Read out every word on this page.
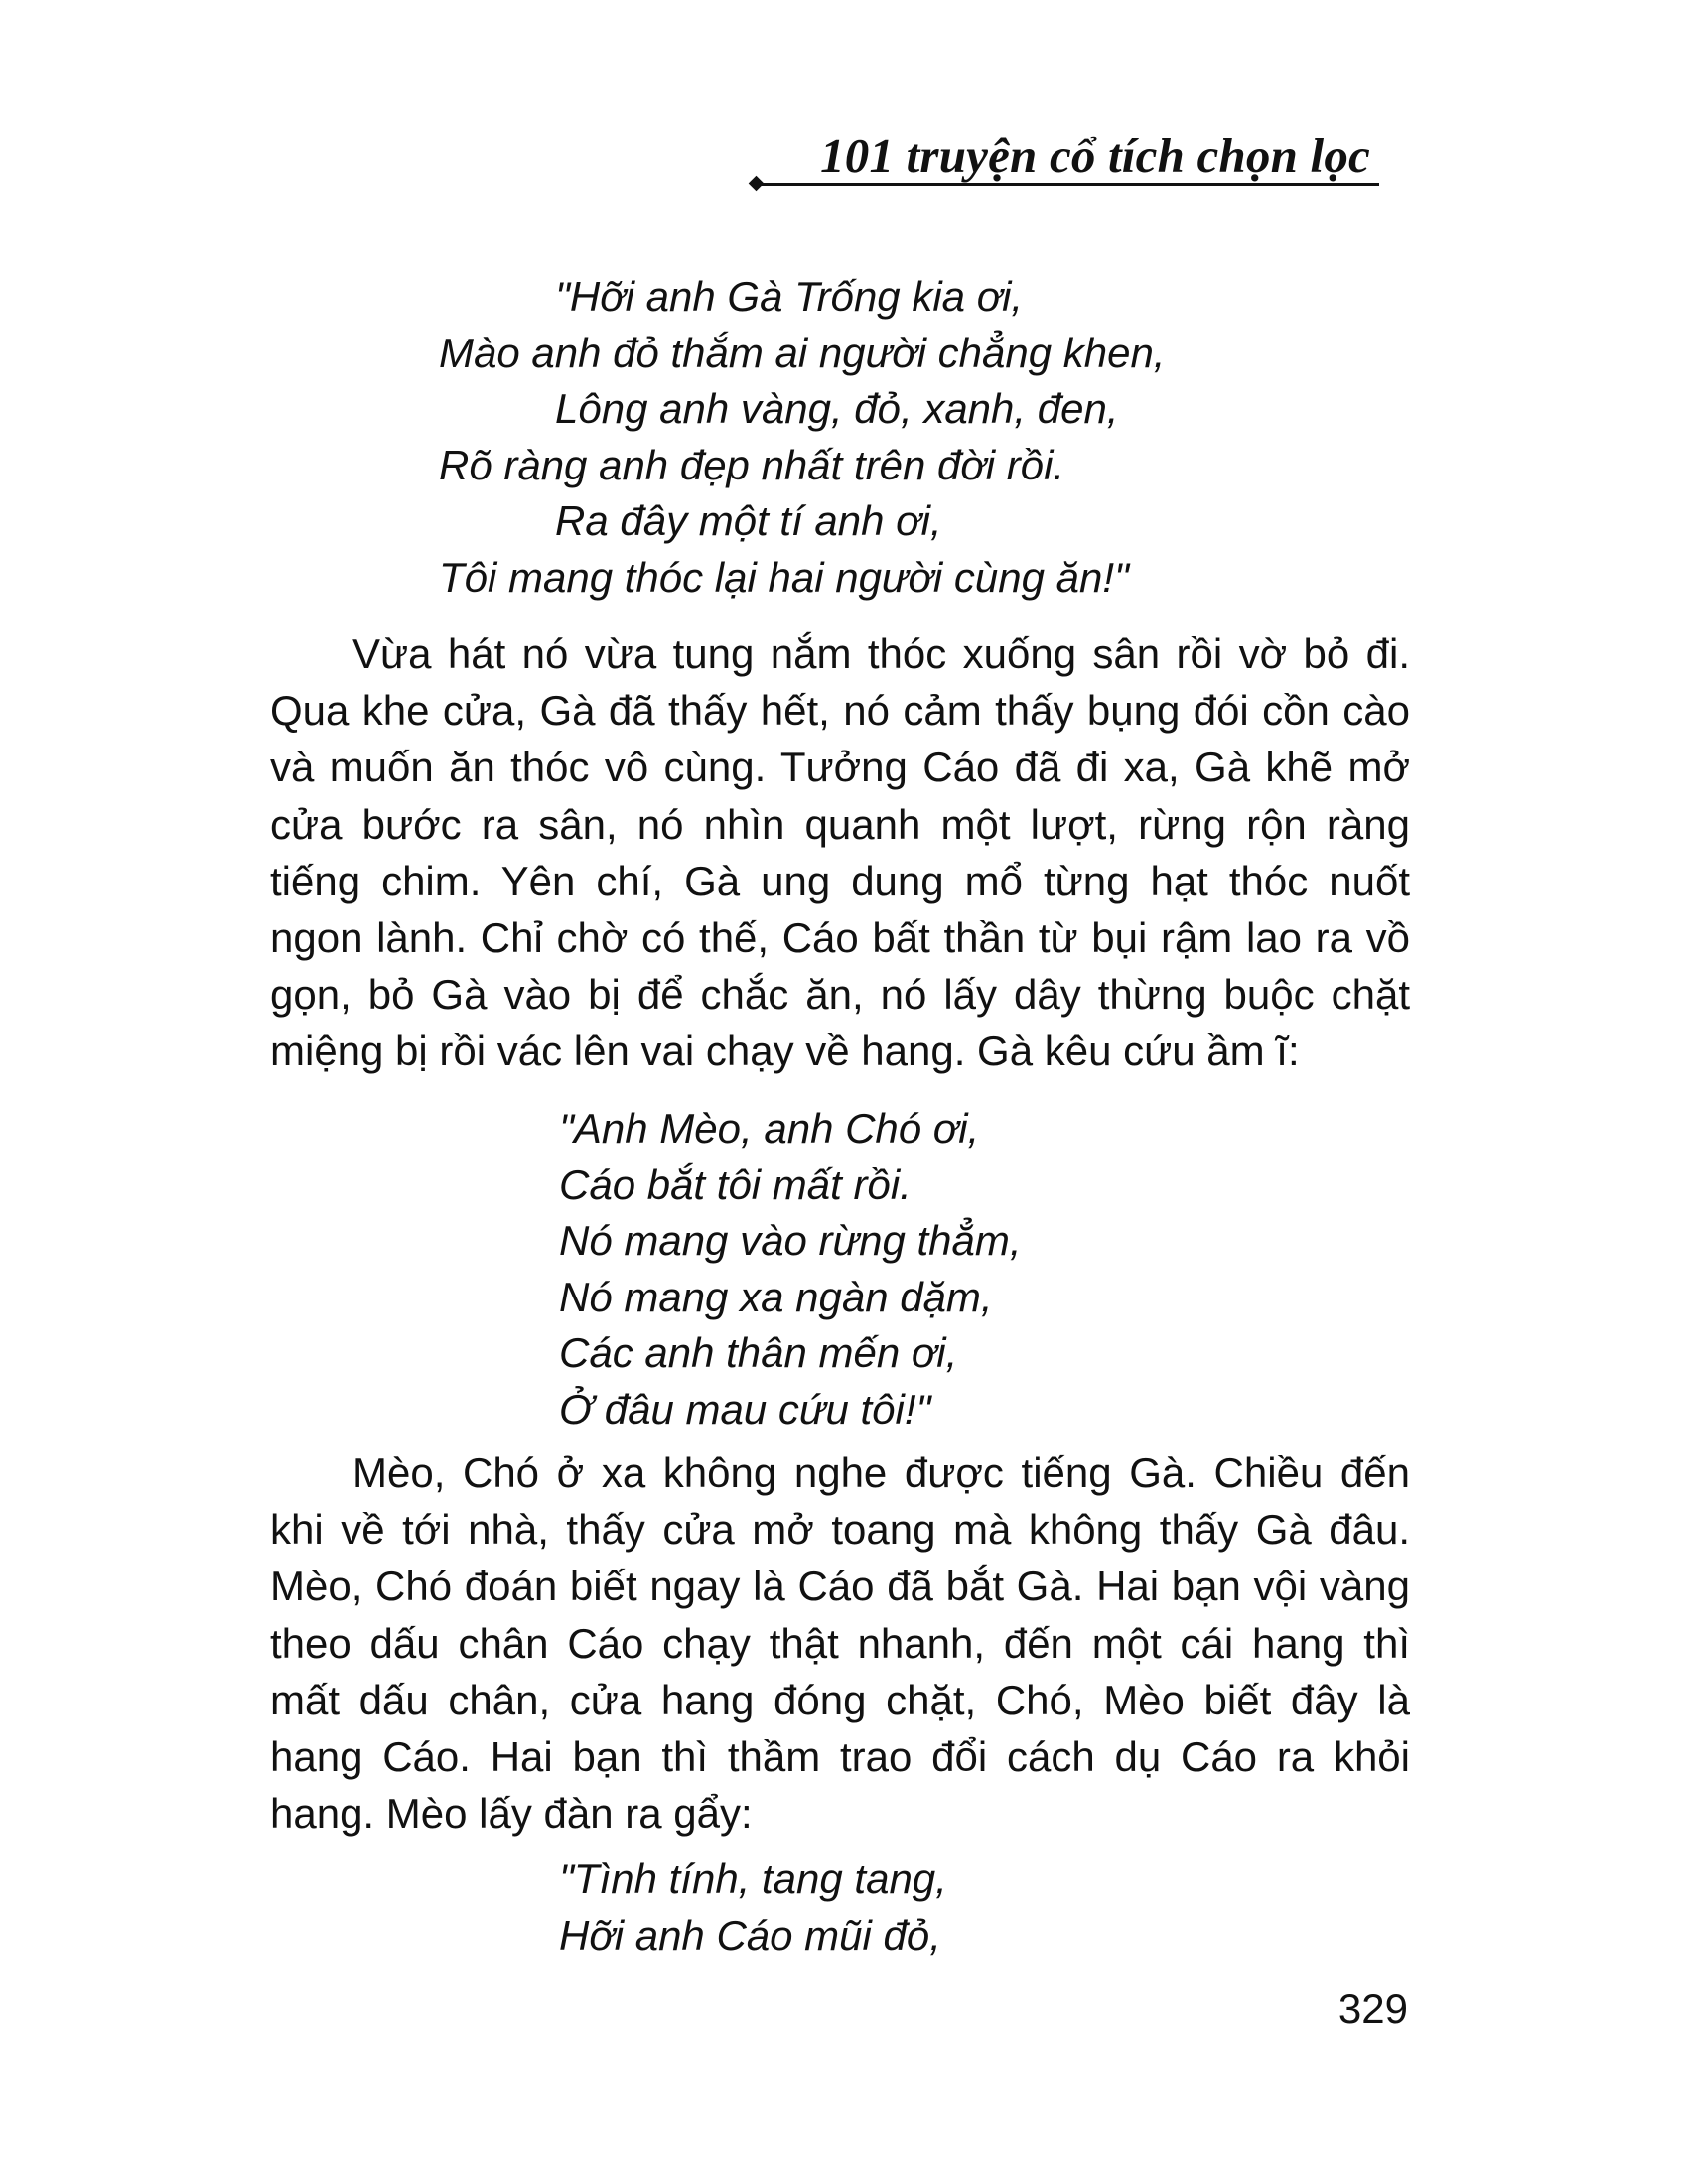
101 truyện cổ tích chọn lọc
"Hỡi anh Gà Trống kia ơi,
Mào anh đỏ thắm ai người chẳng khen,
Lông anh vàng, đỏ, xanh, đen,
Rõ ràng anh đẹp nhất trên đời rồi.
Ra đây một tí anh ơi,
Tôi mang thóc lại hai người cùng ăn!"

Vừa hát nó vừa tung nắm thóc xuống sân rồi vờ bỏ đi. Qua khe cửa, Gà đã thấy hết, nó cảm thấy bụng đói cồn cào và muốn ăn thóc vô cùng. Tưởng Cáo đã đi xa, Gà khẽ mở cửa bước ra sân, nó nhìn quanh một lượt, rừng rộn ràng tiếng chim. Yên chí, Gà ung dung mổ từng hạt thóc nuốt ngon lành. Chỉ chờ có thế, Cáo bất thần từ bụi rậm lao ra vồ gọn, bỏ Gà vào bị để chắc ăn, nó lấy dây thừng buộc chặt miệng bị rồi vác lên vai chạy về hang. Gà kêu cứu ầm ĩ:

"Anh Mèo, anh Chó ơi,
Cáo bắt tôi mất rồi.
Nó mang vào rừng thẳm,
Nó mang xa ngàn dặm,
Các anh thân mến ơi,
Ở đâu mau cứu tôi!"

Mèo, Chó ở xa không nghe được tiếng Gà. Chiều đến khi về tới nhà, thấy cửa mở toang mà không thấy Gà đâu. Mèo, Chó đoán biết ngay là Cáo đã bắt Gà. Hai bạn vội vàng theo dấu chân Cáo chạy thật nhanh, đến một cái hang thì mất dấu chân, cửa hang đóng chặt, Chó, Mèo biết đây là hang Cáo. Hai bạn thì thầm trao đổi cách dụ Cáo ra khỏi hang. Mèo lấy đàn ra gẩy:

"Tình tính, tang tang,
Hỡi anh Cáo mũi đỏ,
329
